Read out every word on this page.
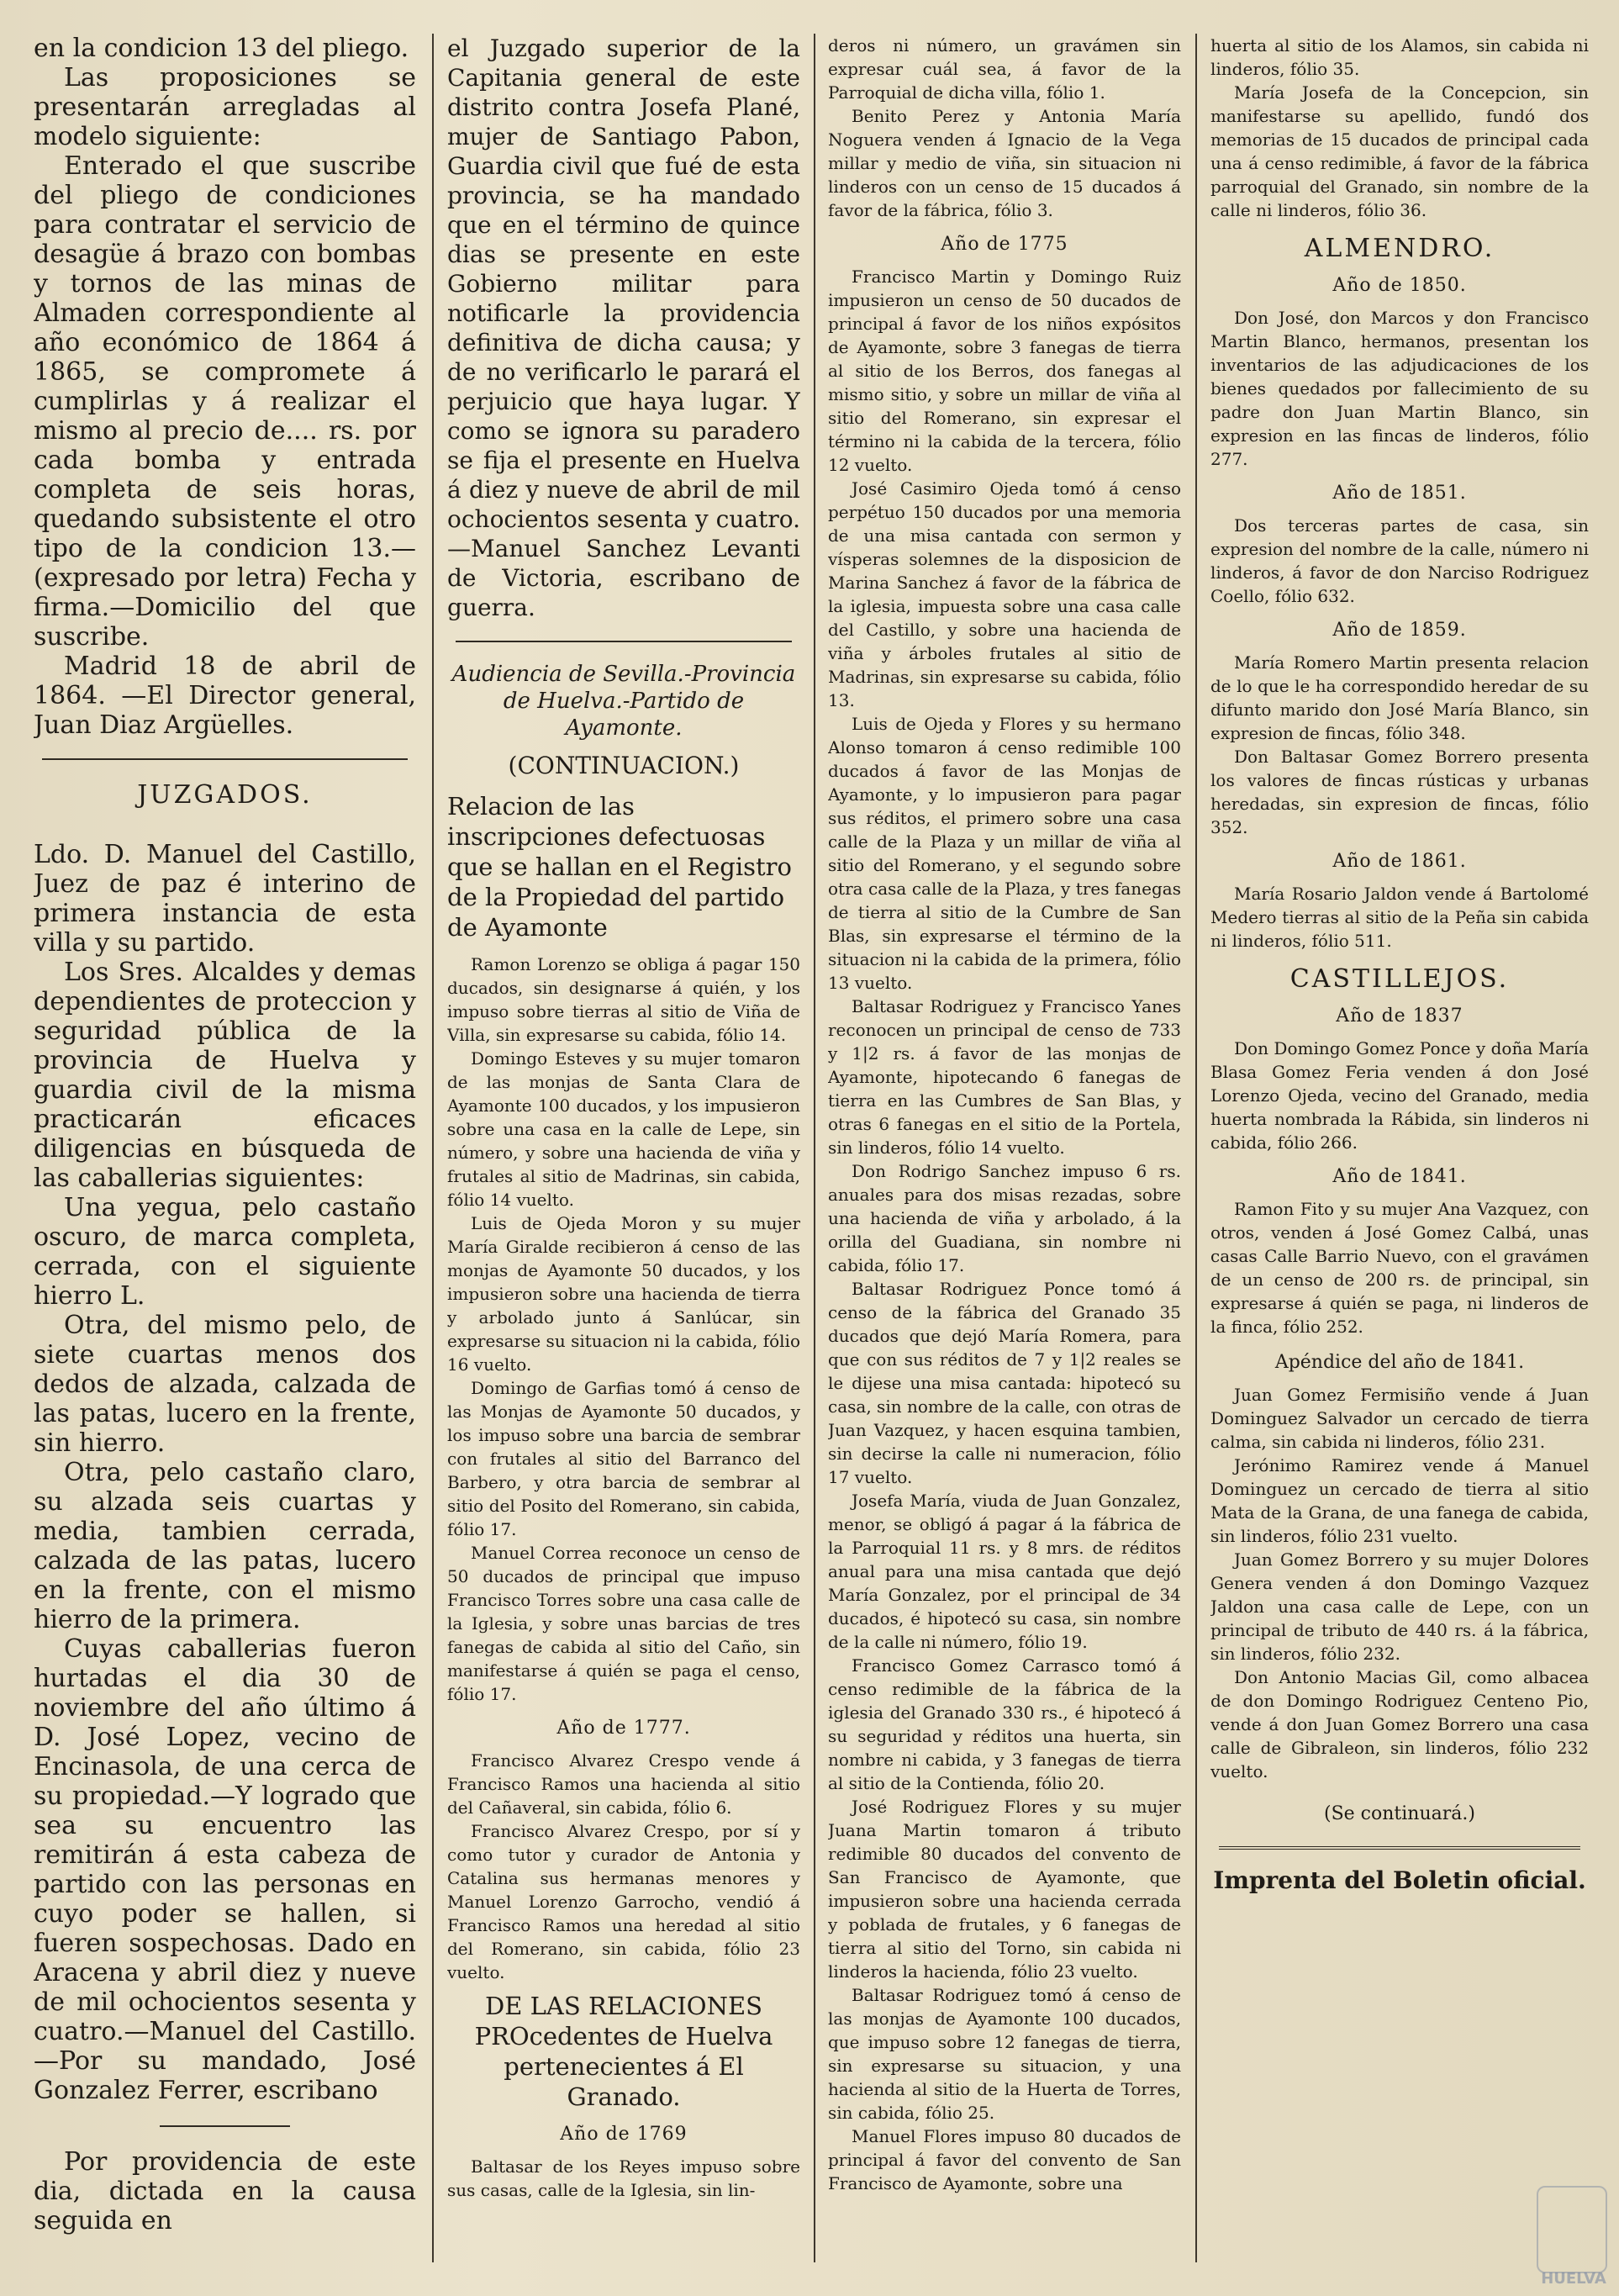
en la condicion 13 del pliego.

Las proposiciones se presentarán arregladas al modelo siguiente:

Enterado el que suscribe del pliego de condiciones para contratar el servicio de desagüe á brazo con bombas y tornos de las minas de Almaden correspondiente al año económico de 1864 á 1865, se compromete á cumplirlas y á realizar el mismo al precio de.... rs. por cada bomba y entrada completa de seis horas, quedando subsistente el otro tipo de la condicion 13.—(expresado por letra) Fecha y firma.—Domicilio del que suscribe.

Madrid 18 de abril de 1864. —El Director general, Juan Diaz Argüelles.

JUZGADOS.

Ldo. D. Manuel del Castillo, Juez de paz é interino de primera instancia de esta villa y su partido.

Los Sres. Alcaldes y demas dependientes de proteccion y seguridad pública de la provincia de Huelva y guardia civil de la misma practicarán eficaces diligencias en búsqueda de las caballerias siguientes:

Una yegua, pelo castaño oscuro, de marca completa, cerrada, con el siguiente hierro L.

Otra, del mismo pelo, de siete cuartas menos dos dedos de alzada, calzada de las patas, lucero en la frente, sin hierro.

Otra, pelo castaño claro, su alzada seis cuartas y media, tambien cerrada, calzada de las patas, lucero en la frente, con el mismo hierro de la primera.

Cuyas caballerias fueron hurtadas el dia 30 de noviembre del año último á D. José Lopez, vecino de Encinasola, de una cerca de su propiedad.—Y logrado que sea su encuentro las remitirán á esta cabeza de partido con las personas en cuyo poder se hallen, si fueren sospechosas. Dado en Aracena y abril diez y nueve de mil ochocientos sesenta y cuatro.—Manuel del Castillo.—Por su mandado, José Gonzalez Ferrer, escribano

Por providencia de este dia, dictada en la causa seguida en

el Juzgado superior de la Capitania general de este distrito contra Josefa Plané, mujer de Santiago Pabon, Guardia civil que fué de esta provincia, se ha mandado que en el término de quince dias se presente en este Gobierno militar para notificarle la providencia definitiva de dicha causa; y de no verificarlo le parará el perjuicio que haya lugar. Y como se ignora su paradero se fija el presente en Huelva á diez y nueve de abril de mil ochocientos sesenta y cuatro.—Manuel Sanchez Levanti de Victoria, escribano de guerra.

Audiencia de Sevilla.-Provincia de Huelva.-Partido de Ayamonte.

(CONTINUACION.)

Relacion de las inscripciones defectuosas que se hallan en el Registro de la Propiedad del partido de Ayamonte

Ramon Lorenzo se obliga á pagar 150 ducados, sin designarse á quién, y los impuso sobre tierras al sitio de Viña de Villa, sin expresarse su cabida, fólio 14.

Domingo Esteves y su mujer tomaron de las monjas de Santa Clara de Ayamonte 100 ducados, y los impusieron sobre una casa en la calle de Lepe, sin número, y sobre una hacienda de viña y frutales al sitio de Madrinas, sin cabida, fólio 14 vuelto.

Luis de Ojeda Moron y su mujer María Giralde recibieron á censo de las monjas de Ayamonte 50 ducados, y los impusieron sobre una hacienda de tierra y arbolado junto á Sanlúcar, sin expresarse su situacion ni la cabida, fólio 16 vuelto.

Domingo de Garfias tomó á censo de las Monjas de Ayamonte 50 ducados, y los impuso sobre una barcia de sembrar con frutales al sitio del Barranco del Barbero, y otra barcia de sembrar al sitio del Posito del Romerano, sin cabida, fólio 17.

Manuel Correa reconoce un censo de 50 ducados de principal que impuso Francisco Torres sobre una casa calle de la Iglesia, y sobre unas barcias de tres fanegas de cabida al sitio del Caño, sin manifestarse á quién se paga el censo, fólio 17.

Año de 1777.

Francisco Alvarez Crespo vende á Francisco Ramos una hacienda al sitio del Cañaveral, sin cabida, fólio 6.

Francisco Alvarez Crespo, por sí y como tutor y curador de Antonia y Catalina sus hermanas menores y Manuel Lorenzo Garrocho, vendió á Francisco Ramos una heredad al sitio del Romerano, sin cabida, fólio 23 vuelto.

DE LAS RELACIONES PROcedentes de Huelva pertenecientes á El Granado.

Año de 1769

Baltasar de los Reyes impuso sobre sus casas, calle de la Iglesia, sin lin-

deros ni número, un gravámen sin expresar cuál sea, á favor de la Parroquial de dicha villa, fólio 1.

Benito Perez y Antonia María Noguera venden á Ignacio de la Vega millar y medio de viña, sin situacion ni linderos con un censo de 15 ducados á favor de la fábrica, fólio 3.

Año de 1775

Francisco Martin y Domingo Ruiz impusieron un censo de 50 ducados de principal á favor de los niños expósitos de Ayamonte, sobre 3 fanegas de tierra al sitio de los Berros, dos fanegas al mismo sitio, y sobre un millar de viña al sitio del Romerano, sin expresar el término ni la cabida de la tercera, fólio 12 vuelto.

José Casimiro Ojeda tomó á censo perpétuo 150 ducados por una memoria de una misa cantada con sermon y vísperas solemnes de la disposicion de Marina Sanchez á favor de la fábrica de la iglesia, impuesta sobre una casa calle del Castillo, y sobre una hacienda de viña y árboles frutales al sitio de Madrinas, sin expresarse su cabida, fólio 13.

Luis de Ojeda y Flores y su hermano Alonso tomaron á censo redimible 100 ducados á favor de las Monjas de Ayamonte, y lo impusieron para pagar sus réditos, el primero sobre una casa calle de la Plaza y un millar de viña al sitio del Romerano, y el segundo sobre otra casa calle de la Plaza, y tres fanegas de tierra al sitio de la Cumbre de San Blas, sin expresarse el término de la situacion ni la cabida de la primera, fólio 13 vuelto.

Baltasar Rodriguez y Francisco Yanes reconocen un principal de censo de 733 y 1|2 rs. á favor de las monjas de Ayamonte, hipotecando 6 fanegas de tierra en las Cumbres de San Blas, y otras 6 fanegas en el sitio de la Portela, sin linderos, fólio 14 vuelto.

Don Rodrigo Sanchez impuso 6 rs. anuales para dos misas rezadas, sobre una hacienda de viña y arbolado, á la orilla del Guadiana, sin nombre ni cabida, fólio 17.

Baltasar Rodriguez Ponce tomó á censo de la fábrica del Granado 35 ducados que dejó María Romera, para que con sus réditos de 7 y 1|2 reales se le dijese una misa cantada: hipotecó su casa, sin nombre de la calle, con otras de Juan Vazquez, y hacen esquina tambien, sin decirse la calle ni numeracion, fólio 17 vuelto.

Josefa María, viuda de Juan Gonzalez, menor, se obligó á pagar á la fábrica de la Parroquial 11 rs. y 8 mrs. de réditos anual para una misa cantada que dejó María Gonzalez, por el principal de 34 ducados, é hipotecó su casa, sin nombre de la calle ni número, fólio 19.

Francisco Gomez Carrasco tomó á censo redimible de la fábrica de la iglesia del Granado 330 rs., é hipotecó á su seguridad y réditos una huerta, sin nombre ni cabida, y 3 fanegas de tierra al sitio de la Contienda, fólio 20.

José Rodriguez Flores y su mujer Juana Martin tomaron á tributo redimible 80 ducados del convento de San Francisco de Ayamonte, que impusieron sobre una hacienda cerrada y poblada de frutales, y 6 fanegas de tierra al sitio del Torno, sin cabida ni linderos la hacienda, fólio 23 vuelto.

Baltasar Rodriguez tomó á censo de las monjas de Ayamonte 100 ducados, que impuso sobre 12 fanegas de tierra, sin expresarse su situacion, y una hacienda al sitio de la Huerta de Torres, sin cabida, fólio 25.

Manuel Flores impuso 80 ducados de principal á favor del convento de San Francisco de Ayamonte, sobre una

huerta al sitio de los Alamos, sin cabida ni linderos, fólio 35.

María Josefa de la Concepcion, sin manifestarse su apellido, fundó dos memorias de 15 ducados de principal cada una á censo redimible, á favor de la fábrica parroquial del Granado, sin nombre de la calle ni linderos, fólio 36.

ALMENDRO.

Año de 1850.

Don José, don Marcos y don Francisco Martin Blanco, hermanos, presentan los inventarios de las adjudicaciones de los bienes quedados por fallecimiento de su padre don Juan Martin Blanco, sin expresion en las fincas de linderos, fólio 277.

Año de 1851.

Dos terceras partes de casa, sin expresion del nombre de la calle, número ni linderos, á favor de don Narciso Rodriguez Coello, fólio 632.

Año de 1859.

María Romero Martin presenta relacion de lo que le ha correspondido heredar de su difunto marido don José María Blanco, sin expresion de fincas, fólio 348.

Don Baltasar Gomez Borrero presenta los valores de fincas rústicas y urbanas heredadas, sin expresion de fincas, fólio 352.

Año de 1861.

María Rosario Jaldon vende á Bartolomé Medero tierras al sitio de la Peña sin cabida ni linderos, fólio 511.

CASTILLEJOS.

Año de 1837

Don Domingo Gomez Ponce y doña María Blasa Gomez Feria venden á don José Lorenzo Ojeda, vecino del Granado, media huerta nombrada la Rábida, sin linderos ni cabida, fólio 266.

Año de 1841.

Ramon Fito y su mujer Ana Vazquez, con otros, venden á José Gomez Calbá, unas casas Calle Barrio Nuevo, con el gravámen de un censo de 200 rs. de principal, sin expresarse á quién se paga, ni linderos de la finca, fólio 252.

Apéndice del año de 1841.

Juan Gomez Fermisiño vende á Juan Dominguez Salvador un cercado de tierra calma, sin cabida ni linderos, fólio 231.

Jerónimo Ramirez vende á Manuel Dominguez un cercado de tierra al sitio Mata de la Grana, de una fanega de cabida, sin linderos, fólio 231 vuelto.

Juan Gomez Borrero y su mujer Dolores Genera venden á don Domingo Vazquez Jaldon una casa calle de Lepe, con un principal de tributo de 440 rs. á la fábrica, sin linderos, fólio 232.

Don Antonio Macias Gil, como albacea de don Domingo Rodriguez Centeno Pio, vende á don Juan Gomez Borrero una casa calle de Gibraleon, sin linderos, fólio 232 vuelto.

(Se continuará.)

Imprenta del Boletin oficial.

HUELVA
